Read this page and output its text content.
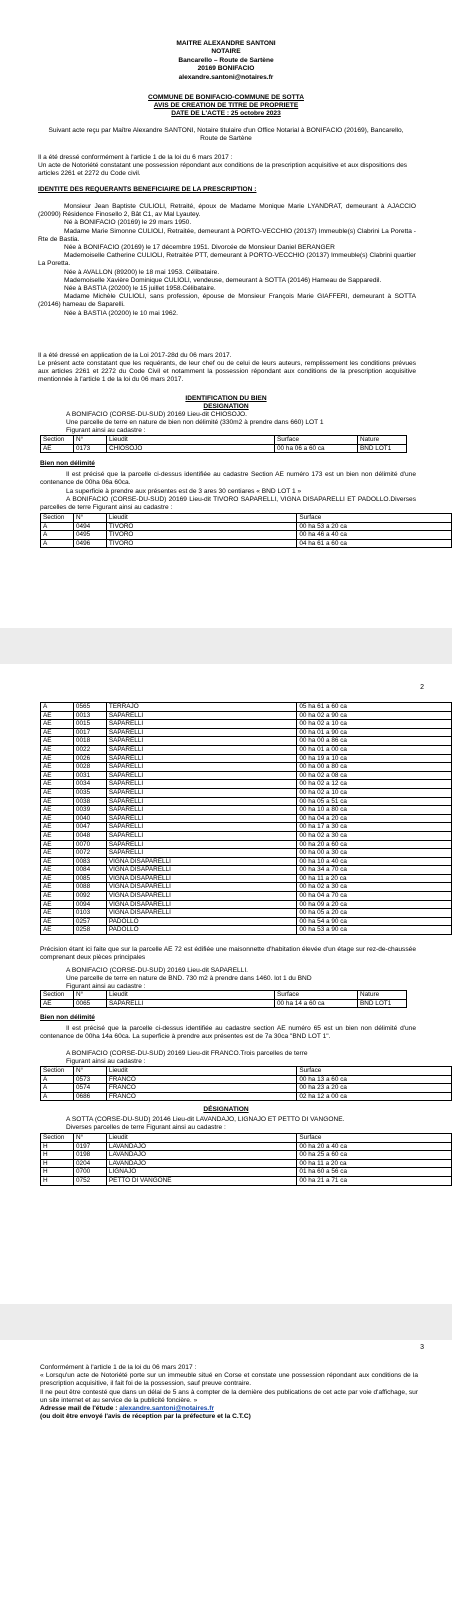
MAITRE ALEXANDRE SANTONI
NOTAIRE
Bancarello – Route de Sartène
20169 BONIFACIO
alexandre.santoni@notaires.fr
COMMUNE DE BONIFACIO-COMMUNE DE SOTTA
AVIS DE CREATION DE TITRE DE PROPRIETE
DATE DE L'ACTE : 25 octobre 2023
Suivant acte reçu par Maître Alexandre SANTONI, Notaire titulaire d'un Office Notarial à BONIFACIO (20169), Bancarello, Route de Sartène
Il a été dressé conformément à l'article 1 de la loi du 6 mars 2017 :
Un acte de Notoriété constatant une possession répondant aux conditions de la prescription acquisitive et aux dispositions des articles 2261 et 2272 du Code civil.
IDENTITE DES REQUERANTS BENEFICIAIRE DE LA PRESCRIPTION :
Monsieur Jean Baptiste CULIOLI, Retraité, époux de Madame Monique Marie LYANDRAT, demeurant à AJACCIO (20090) Résidence Finosello 2, Bât C1, av Mal Lyautey.
Né à BONIFACIO (20169) le 29 mars 1950.
Madame Marie Simonne CULIOLI, Retraitée, demeurant à PORTO-VECCHIO (20137) Immeuble(s) Clabrini La Poretta - Rte de Bastia.
Née à BONIFACIO (20169) le 17 décembre 1951. Divorcée de Monsieur Daniel BERANGER
Mademoiselle Catherine CULIOLI, Retraitée PTT, demeurant à PORTO-VECCHIO (20137) Immeuble(s) Clabrini quartier La Poretta.
Née à AVALLON (89200) le 18 mai 1953. Célibataire.
Mademoiselle Xavière Dominique CULIOLI, vendeuse, demeurant à SOTTA (20146) Hameau de Sapparedil.
Née à BASTIA (20200) le 15 juillet 1958.Célibataire.
Madame Michèle CULIOLI, sans profession, épouse de Monsieur François Marie GIAFFERI, demeurant à SOTTA (20146) hameau de Saparelli.
Née à BASTIA (20200) le 10 mai 1962.
Il a été dressé en application de la Loi 2017-28d du 06 mars 2017.
Le présent acte constatant que les requérants, de leur chef ou de celui de leurs auteurs, remplissement les conditions prévues aux articles 2261 et 2272 du Code Civil et notamment la possession répondant aux conditions de la prescription acquisitive mentionnée à l'article 1 de la loi du 06 mars 2017.
IDENTIFICATION DU BIEN
DESIGNATION
A BONIFACIO (CORSE-DU-SUD) 20169 Lieu-dit CHIOSOJO.
Une parcelle de terre en nature de bien non délimité (330m2 à prendre dans 660) LOT 1
Figurant ainsi au cadastre :
Section	N°	Lieudit	Surface	Nature
AE	0173	CHIOSOJO	00 ha 06 a 60 ca	BND LOT1
Bien non délimité
Il est précisé que la parcelle ci-dessus identifiée au cadastre Section AE numéro 173 est un bien non délimité d'une contenance de 00ha 06a 60ca.
La superficie à prendre aux présentes est de 3 ares 30 centiares « BND LOT 1 »
A BONIFACIO (CORSE-DU-SUD) 20169 Lieu-dit TIVORO SAPARELLI, VIGNA DISAPARELLI ET PADOLLO.Diverses parcelles de terre Figurant ainsi au cadastre :
Section	N°	Lieudit	Surface
A	0494	TIVORO	00 ha 53 a 20 ca
A	0495	TIVORO	00 ha 46 a 40 ca
A	0496	TIVORO	04 ha 61 a 60 ca
2
A	0565	TERRAJO	05 ha 61 a 60 ca
AE	0013	SAPARELLI	00 ha 02 a 90 ca
AE	0015	SAPARELLI	00 ha 02 a 10 ca
AE	0017	SAPARELLI	00 ha 01 a 90 ca
AE	0018	SAPARELLI	00 ha 00 a 86 ca
AE	0022	SAPARELLI	00 ha 01 a 00 ca
AE	0026	SAPARELLI	00 ha 19 a 10 ca
AE	0028	SAPARELLI	00 ha 00 a 80 ca
AE	0031	SAPARELLI	00 ha 02 a 08 ca
AE	0034	SAPARELLI	00 ha 02 a 12 ca
AE	0035	SAPARELLI	00 ha 02 a 10 ca
AE	0038	SAPARELLI	00 ha 05 a 51 ca
AE	0039	SAPARELLI	00 ha 10 a 80 ca
AE	0040	SAPARELLI	00 ha 04 a 20 ca
AE	0047	SAPARELLI	00 ha 17 a 30 ca
AE	0048	SAPARELLI	00 ha 02 a 30 ca
AE	0070	SAPARELLI	00 ha 20 a 60 ca
AE	0072	SAPARELLI	00 ha 00 a 30 ca
AE	0083	VIGNA DISAPARELLI	00 ha 10 a 40 ca
AE	0084	VIGNA DISAPARELLI	00 ha 34 a 70 ca
AE	0085	VIGNA DISAPARELLI	00 ha 11 a 20 ca
AE	0088	VIGNA DISAPARELLI	00 ha 02 a 30 ca
AE	0092	VIGNA DISAPARELLI	00 ha 04 a 70 ca
AE	0094	VIGNA DISAPARELLI	00 ha 09 a 20 ca
AE	0103	VIGNA DISAPARELLI	00 ha 05 a 20 ca
AE	0257	PADOLLO	00 ha 54 a 90 ca
AE	0258	PADOLLO	00 ha 53 a 90 ca
Précision étant ici faite que sur la parcelle AE 72 est édifiée une maisonnette d'habitation élevée d'un étage sur rez-de-chaussée comprenant deux pièces principales
A BONIFACIO (CORSE-DU-SUD) 20169 Lieu-dit SAPARELLI.
Une parcelle de terre en nature de BND. 730 m2 à prendre dans 1460. lot 1 du BND
Figurant ainsi au cadastre :
Section	N°	Lieudit	Surface	Nature
AE	0065	SAPARELLI	00 ha 14 a 60 ca	BND LOT1
Bien non délimité
Il est précisé que la parcelle ci-dessus identifiée au cadastre section AE numéro 65 est un bien non délimité d'une contenance de 00ha 14a 60ca. La superficie à prendre aux présentes est de 7a 30ca "BND LOT 1".
A BONIFACIO (CORSE-DU-SUD) 20169 Lieu-dit FRANCO.Trois parcelles de terre
Figurant ainsi au cadastre :
Section	N°	Lieudit	Surface
A	0573	FRANCO	00 ha 13 a 60 ca
A	0574	FRANCO	00 ha 23 a 20 ca
A	0686	FRANCO	02 ha 12 a 00 ca
DÉSIGNATION
A SOTTA (CORSE-DU-SUD) 20146 Lieu-dit LAVANDAJO, LIGNAJO ET PETTO DI VANGONE.
Diverses parcelles de terre Figurant ainsi au cadastre :
Section	N°	Lieudit	Surface
H	0197	LAVANDAJO	00 ha 20 a 40 ca
H	0198	LAVANDAJO	00 ha 25 a 60 ca
H	0204	LAVANDAJO	00 ha 11 a 20 ca
H	0700	LIGNAJO	01 ha 60 a 56 ca
H	0752	PETTO DI VANGONE	00 ha 21 a 71 ca
3
Conformément à l'article 1 de la loi du 06 mars 2017 :
« Lorsqu'un acte de Notoriété porte sur un immeuble situé en Corse et constate une possession répondant aux conditions de la prescription acquisitive, il fait foi de la possession, sauf preuve contraire.
Il ne peut être contesté que dans un délai de 5 ans à compter de la dernière des publications de cet acte par voie d'affichage, sur un site internet et au service de la publicité foncière. »
Adresse mail de l'étude : alexandre.santoni@notaires.fr
(ou doit être envoyé l'avis de réception par la préfecture et la C.T.C)
